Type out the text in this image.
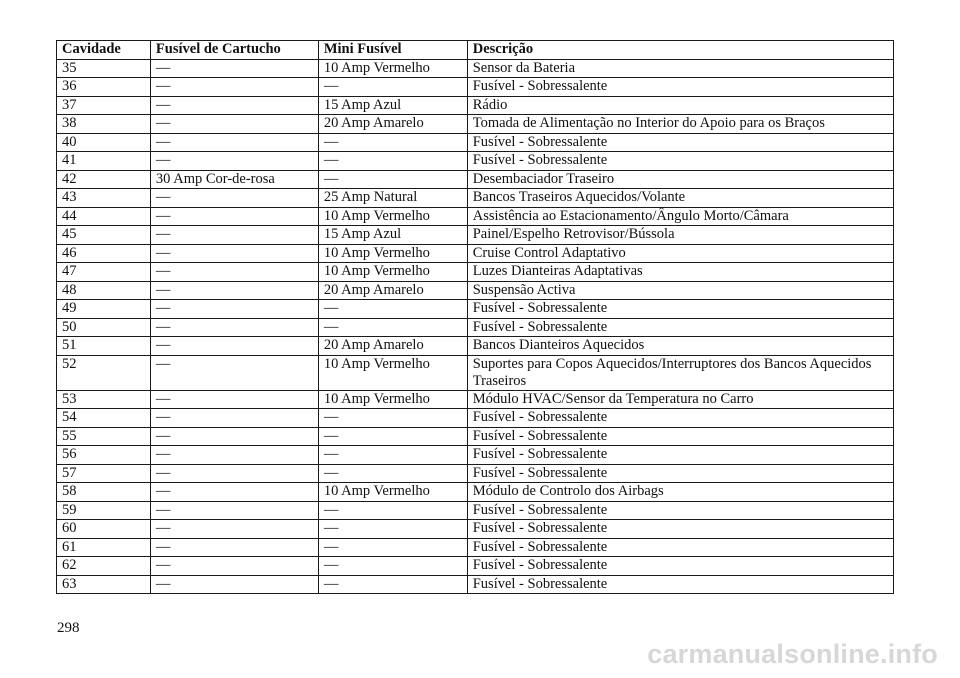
Cavidade	Fusível de Cartucho	Mini Fusível	Descrição
35	—	10 Amp Vermelho	Sensor da Bateria
36	—	—	Fusível - Sobressalente
37	—	15 Amp Azul	Rádio
38	—	20 Amp Amarelo	Tomada de Alimentação no Interior do Apoio para os Braços
40	—	—	Fusível - Sobressalente
41	—	—	Fusível - Sobressalente
42	30 Amp Cor-de-rosa	—	Desembaciador Traseiro
43	—	25 Amp Natural	Bancos Traseiros Aquecidos/Volante
44	—	10 Amp Vermelho	Assistência ao Estacionamento/Ângulo Morto/Câmara
45	—	15 Amp Azul	Painel/Espelho Retrovisor/Bússola
46	—	10 Amp Vermelho	Cruise Control Adaptativo
47	—	10 Amp Vermelho	Luzes Dianteiras Adaptativas
48	—	20 Amp Amarelo	Suspensão Activa
49	—	—	Fusível - Sobressalente
50	—	—	Fusível - Sobressalente
51	—	20 Amp Amarelo	Bancos Dianteiros Aquecidos
52	—	10 Amp Vermelho	Suportes para Copos Aquecidos/Interruptores dos Bancos Aquecidos Traseiros
53	—	10 Amp Vermelho	Módulo HVAC/Sensor da Temperatura no Carro
54	—	—	Fusível - Sobressalente
55	—	—	Fusível - Sobressalente
56	—	—	Fusível - Sobressalente
57	—	—	Fusível - Sobressalente
58	—	10 Amp Vermelho	Módulo de Controlo dos Airbags
59	—	—	Fusível - Sobressalente
60	—	—	Fusível - Sobressalente
61	—	—	Fusível - Sobressalente
62	—	—	Fusível - Sobressalente
63	—	—	Fusível - Sobressalente
298
carmanualsonline.info
